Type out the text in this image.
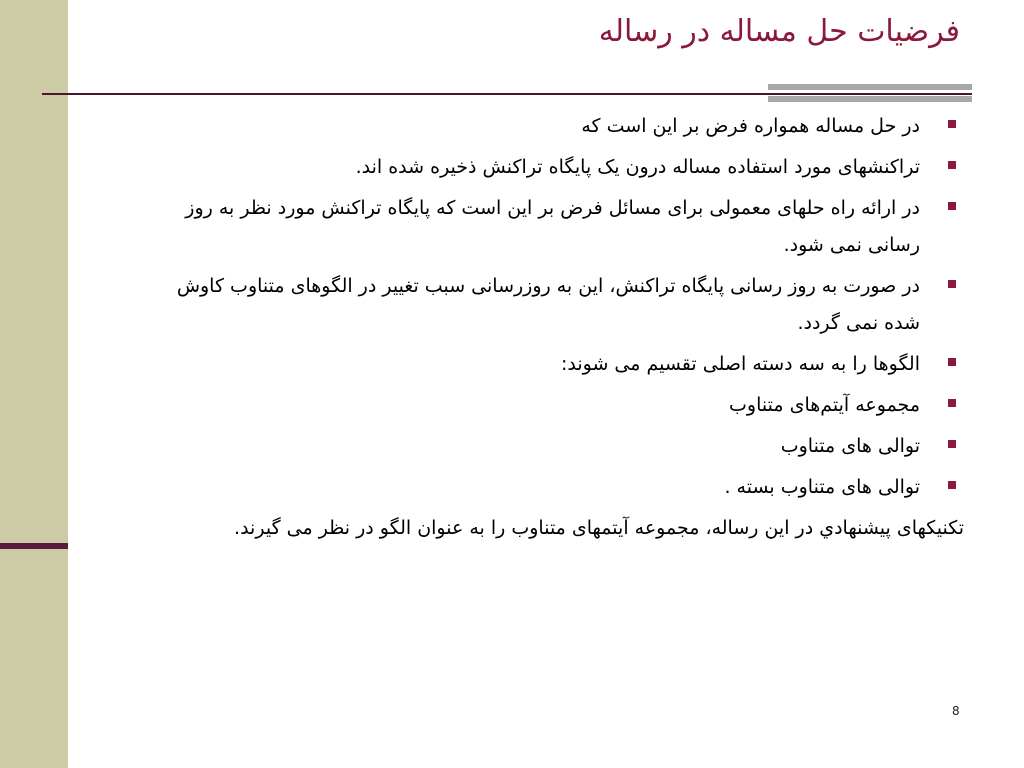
فرضیات حل مساله در رساله
در حل مساله همواره فرض بر این است که
تراکنشهای مورد استفاده مساله درون یک پایگاه تراکنش ذخیره شده اند.
در ارائه راه حلهای معمولی برای مسائل فرض بر این است که پایگاه تراکنش مورد نظر به روز رسانی نمی شود.
در صورت به روز رسانی پایگاه تراکنش، این به روزرسانی سبب تغییر در الگوهای متناوب کاوش شده نمی گردد.
الگوها را به سه دسته اصلی تقسیم می شوند:
مجموعه آیتم‌های متناوب
توالی های متناوب
توالی های متناوب بسته .
تکنیکهای پیشنهادي در این رساله، مجموعه آیتمهای متناوب را به عنوان الگو در نظر می گیرند.
8
